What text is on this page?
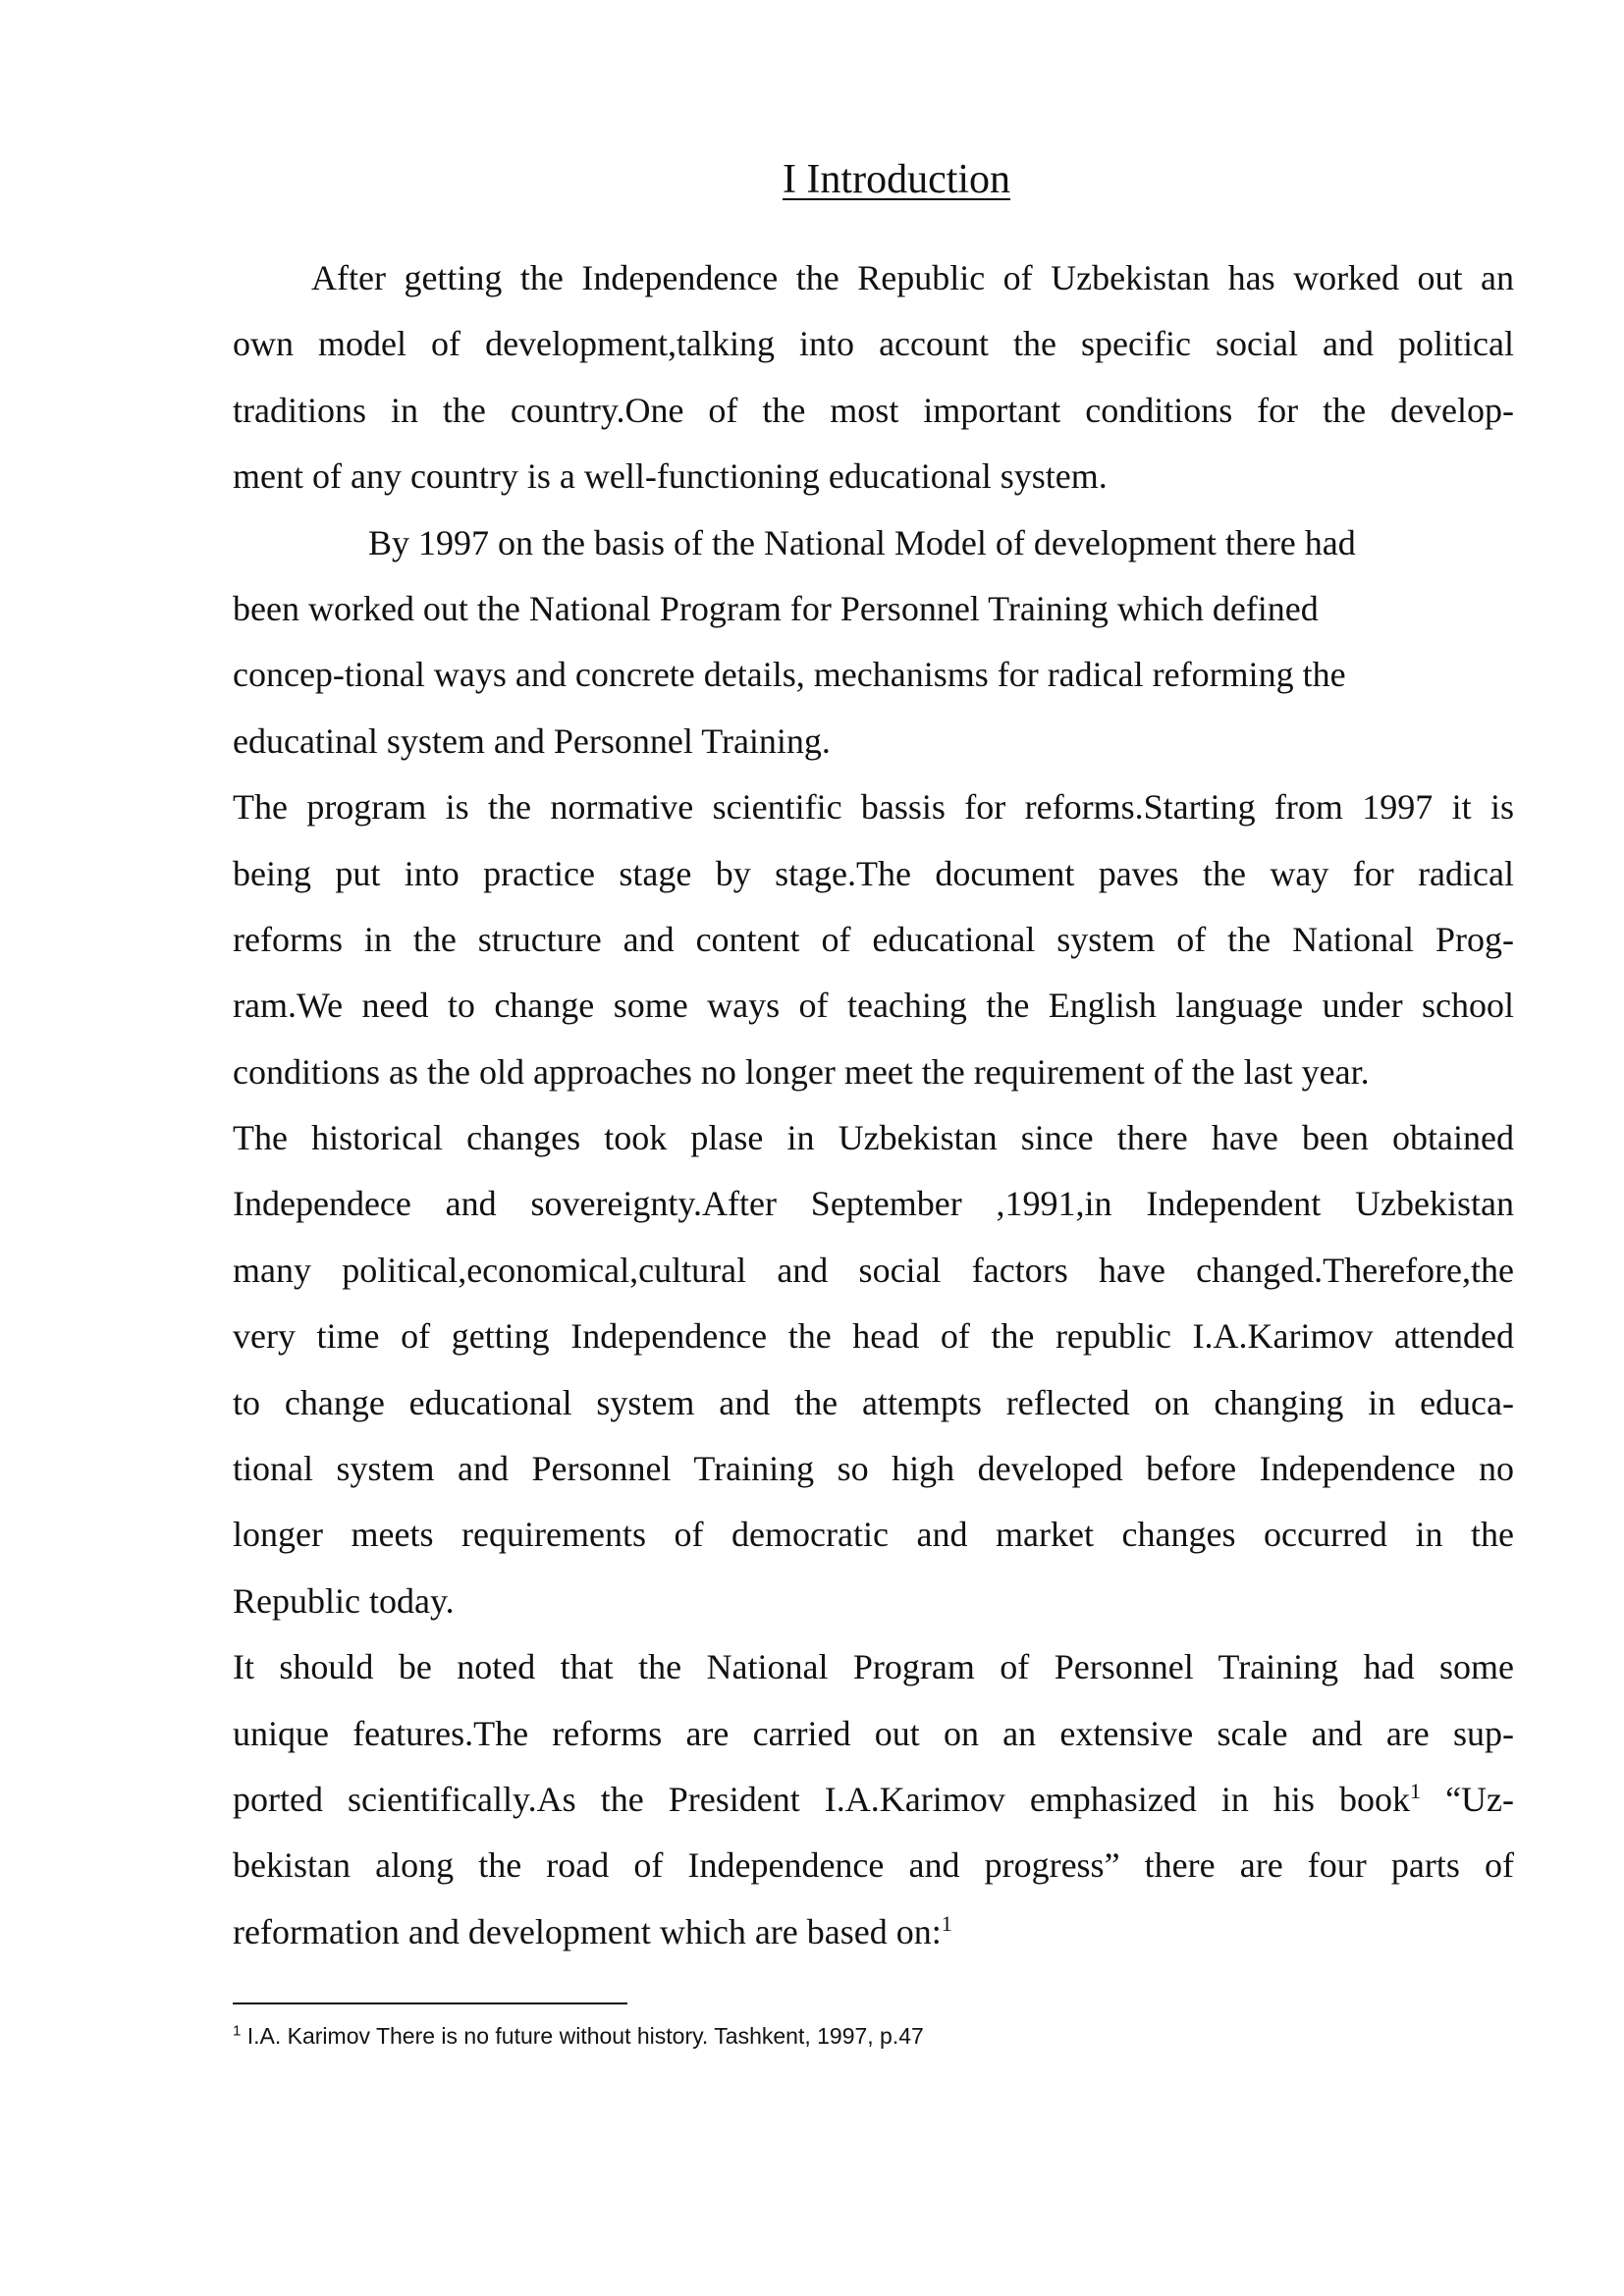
I Introduction

After getting the Independence the Republic of Uzbekistan has worked out an
own model of development,talking into account the specific social and political
traditions in the country.One of the most important conditions for the develop-
ment of any country is a well-functioning educational system.

By 1997 on the basis of the National Model of development there had
been worked out the National Program for Personnel Training which defined
concep-tional ways and concrete details, mechanisms for radical reforming the
educatinal system and Personnel Training.

The program is the normative scientific bassis for reforms.Starting from 1997 it is
being put into practice stage by stage.The document paves the way for radical
reforms in the structure and content of educational system of the National Prog-
ram.We need to change some ways of teaching the English language under school
conditions as the old approaches no longer meet the requirement of the last year.

The historical changes took plase in Uzbekistan since there have been obtained
Independece and sovereignty.After September ,1991,in Independent Uzbekistan
many political,economical,cultural and social factors have changed.Therefore,the
very time of getting Independence the head of the republic I.A.Karimov attended
to change educational system and the attempts reflected on changing in educa-
tional system and Personnel Training so high developed before Independence no
longer meets requirements of democratic and market changes occurred in the
Republic today.

It should be noted that the National Program of Personnel Training had some
unique features.The reforms are carried out on an extensive scale and are sup-
ported scientifically.As the President I.A.Karimov emphasized in his book$^1$ “Uz-
bekistan along the road of Independence and progress” there are four parts of
reformation and development which are based on:$^1$

$^1$ I.A. Karimov There is no future without history. Tashkent, 1997, p.47
